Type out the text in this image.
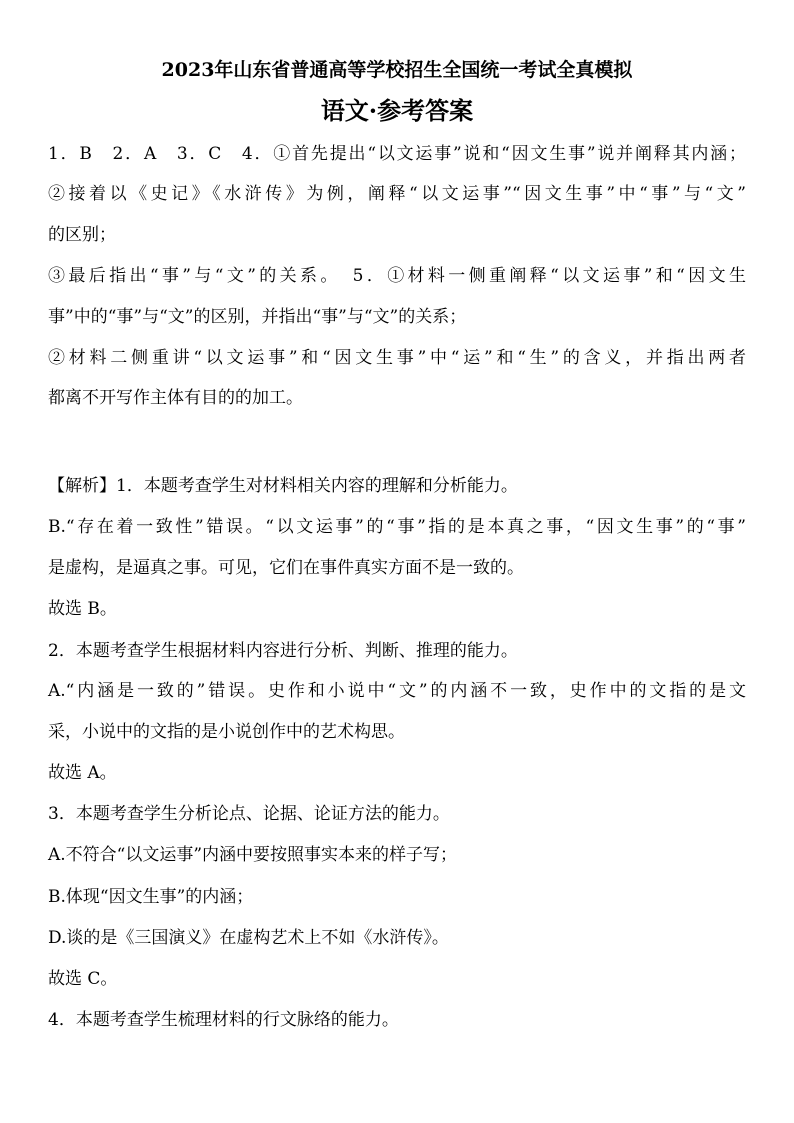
2023年山东省普通高等学校招生全国统一考试全真模拟
语文·参考答案
1．B　2．A　3．C　4．①首先提出“以文运事”说和“因文生事”说并阐释其内涵；
②接着以《史记》《水浒传》为例，阐释“以文运事”“因文生事”中“事”与“文”
的区别；
③最后指出“事”与“文”的关系。　5．①材料一侧重阐释“以文运事”和“因文生
事”中的“事”与“文”的区别，并指出“事”与“文”的关系；
②材料二侧重讲“以文运事”和“因文生事”中“运”和“生”的含义，并指出两者
都离不开写作主体有目的的加工。
【解析】1．本题考查学生对材料相关内容的理解和分析能力。
B.“存在着一致性”错误。“以文运事”的“事”指的是本真之事，“因文生事”的“事”
是虚构，是逼真之事。可见，它们在事件真实方面不是一致的。
故选 B。
2．本题考查学生根据材料内容进行分析、判断、推理的能力。
A.“内涵是一致的”错误。史作和小说中“文”的内涵不一致，史作中的文指的是文
采，小说中的文指的是小说创作中的艺术构思。
故选 A。
3．本题考查学生分析论点、论据、论证方法的能力。
A.不符合“以文运事”内涵中要按照事实本来的样子写；
B.体现“因文生事”的内涵；
D.谈的是《三国演义》在虚构艺术上不如《水浒传》。
故选 C。
4．本题考查学生梳理材料的行文脉络的能力。
